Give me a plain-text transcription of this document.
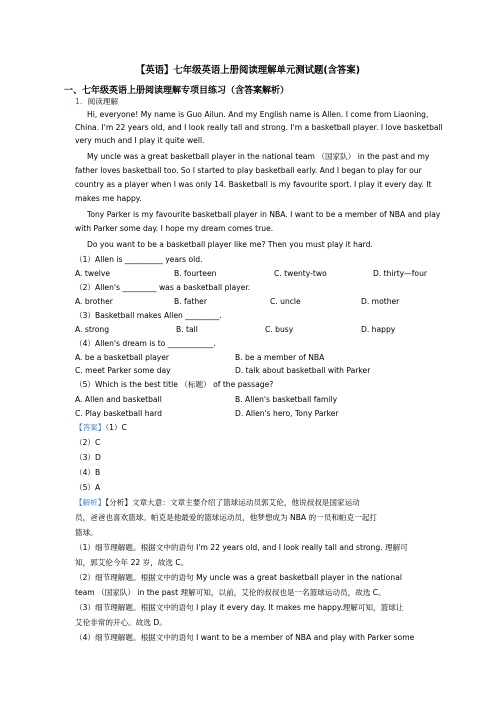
【英语】七年级英语上册阅读理解单元测试题(含答案)
一、七年级英语上册阅读理解专项目练习（含答案解析）
1. 阅读理解
Hi, everyone! My name is Guo Ailun. And my English name is Allen. I come from Liaoning,
China. I'm 22 years old, and I look really tall and strong. I'm a basketball player. I love basketball
very much and I play it quite well.
My uncle was a great basketball player in the national team （国家队） in the past and my
father loves basketball too. So I started to play basketball early. And I began to play for our
country as a player when I was only 14. Basketball is my favourite sport. I play it every day. It
makes me happy.
Tony Parker is my favourite basketball player in NBA. I want to be a member of NBA and play
with Parker some day. I hope my dream comes true.
Do you want to be a basketball player like me? Then you must play it hard.
（1）Allen is __________ years old.
A. twelve	B. fourteen	C. twenty-two	D. thirty—four
（2）Allen's _________ was a basketball player.
A. brother	B. father	C. uncle	D. mother
（3）Basketball makes Allen _________.
A. strong	B. tall	C. busy	D. happy
（4）Allen's dream is to ____________.
A. be a basketball player	B. be a member of NBA
C. meet Parker some day	D. talk about basketball with Parker
（5）Which is the best title （标题） of the passage?
A. Allen and basketball	B. Allen's basketball family
C. Play basketball hard	D. Allen's hero, Tony Parker
【答案】（1）C
（2）C
（3）D
（4）B
（5）A
【解析】【分析】文章大意：文章主要介绍了篮球运动员郭艾伦，他说叔叔是国家运动
员，爸爸也喜欢篮球。帕克是他最爱的篮球运动员，他梦想成为 NBA 的一员和帕克一起打
篮球。
（1）细节理解题。根据文中的语句 I'm 22 years old, and I look really tall and strong. 理解可
知，郭艾伦今年 22 岁，故选 C。
（2）细节理解题。根据文中的语句 My uncle was a great basketball player in the national
team （国家队） in the past 理解可知，以前，艾伦的叔叔也是一名篮球运动员，故选 C。
（3）细节理解题。根据文中的语句 I play it every day. It makes me happy.理解可知，篮球让
艾伦非常的开心。故选 D。
（4）细节理解题。根据文中的语句 I want to be a member of NBA and play with Parker some
